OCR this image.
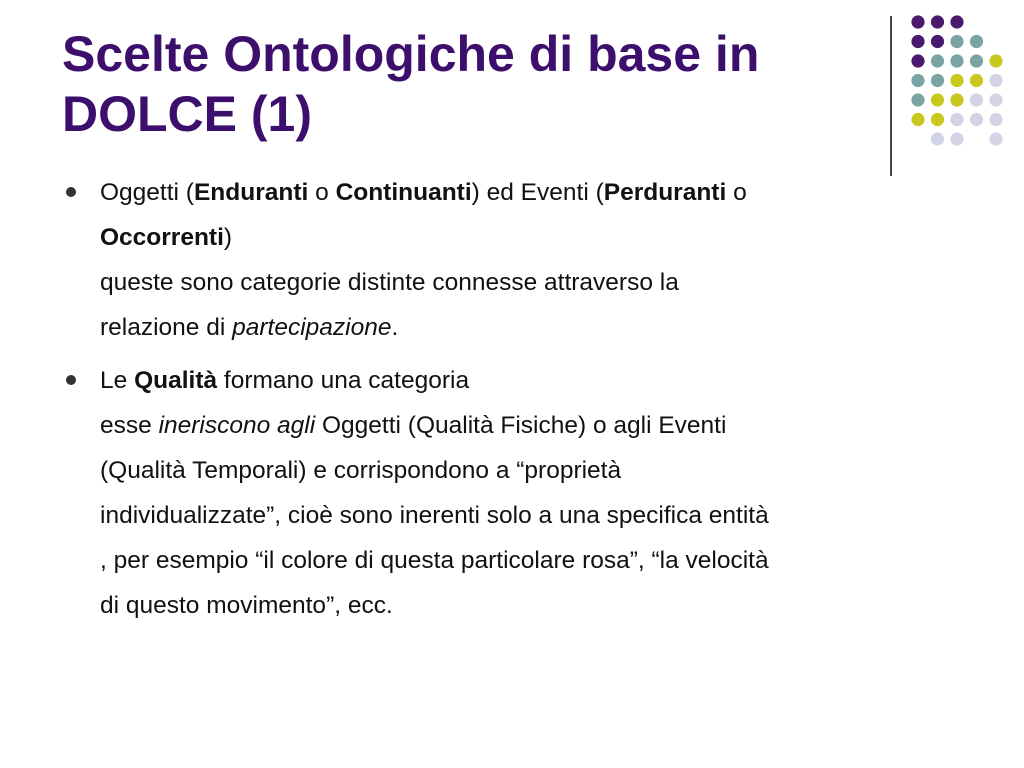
Scelte Ontologiche di base in
DOLCE (1)
Oggetti (Enduranti o Continuanti) ed Eventi (Perduranti o
Occorrenti)
queste sono categorie distinte connesse attraverso la
relazione di partecipazione.
Le Qualità formano una categoria
esse ineriscono agli Oggetti (Qualità Fisiche) o agli Eventi
(Qualità Temporali) e corrispondono a “proprietà
individualizzate”, cioè sono inerenti solo a una specifica entità
, per esempio “il colore di questa particolare rosa”, “la velocità
di questo movimento”, ecc.
